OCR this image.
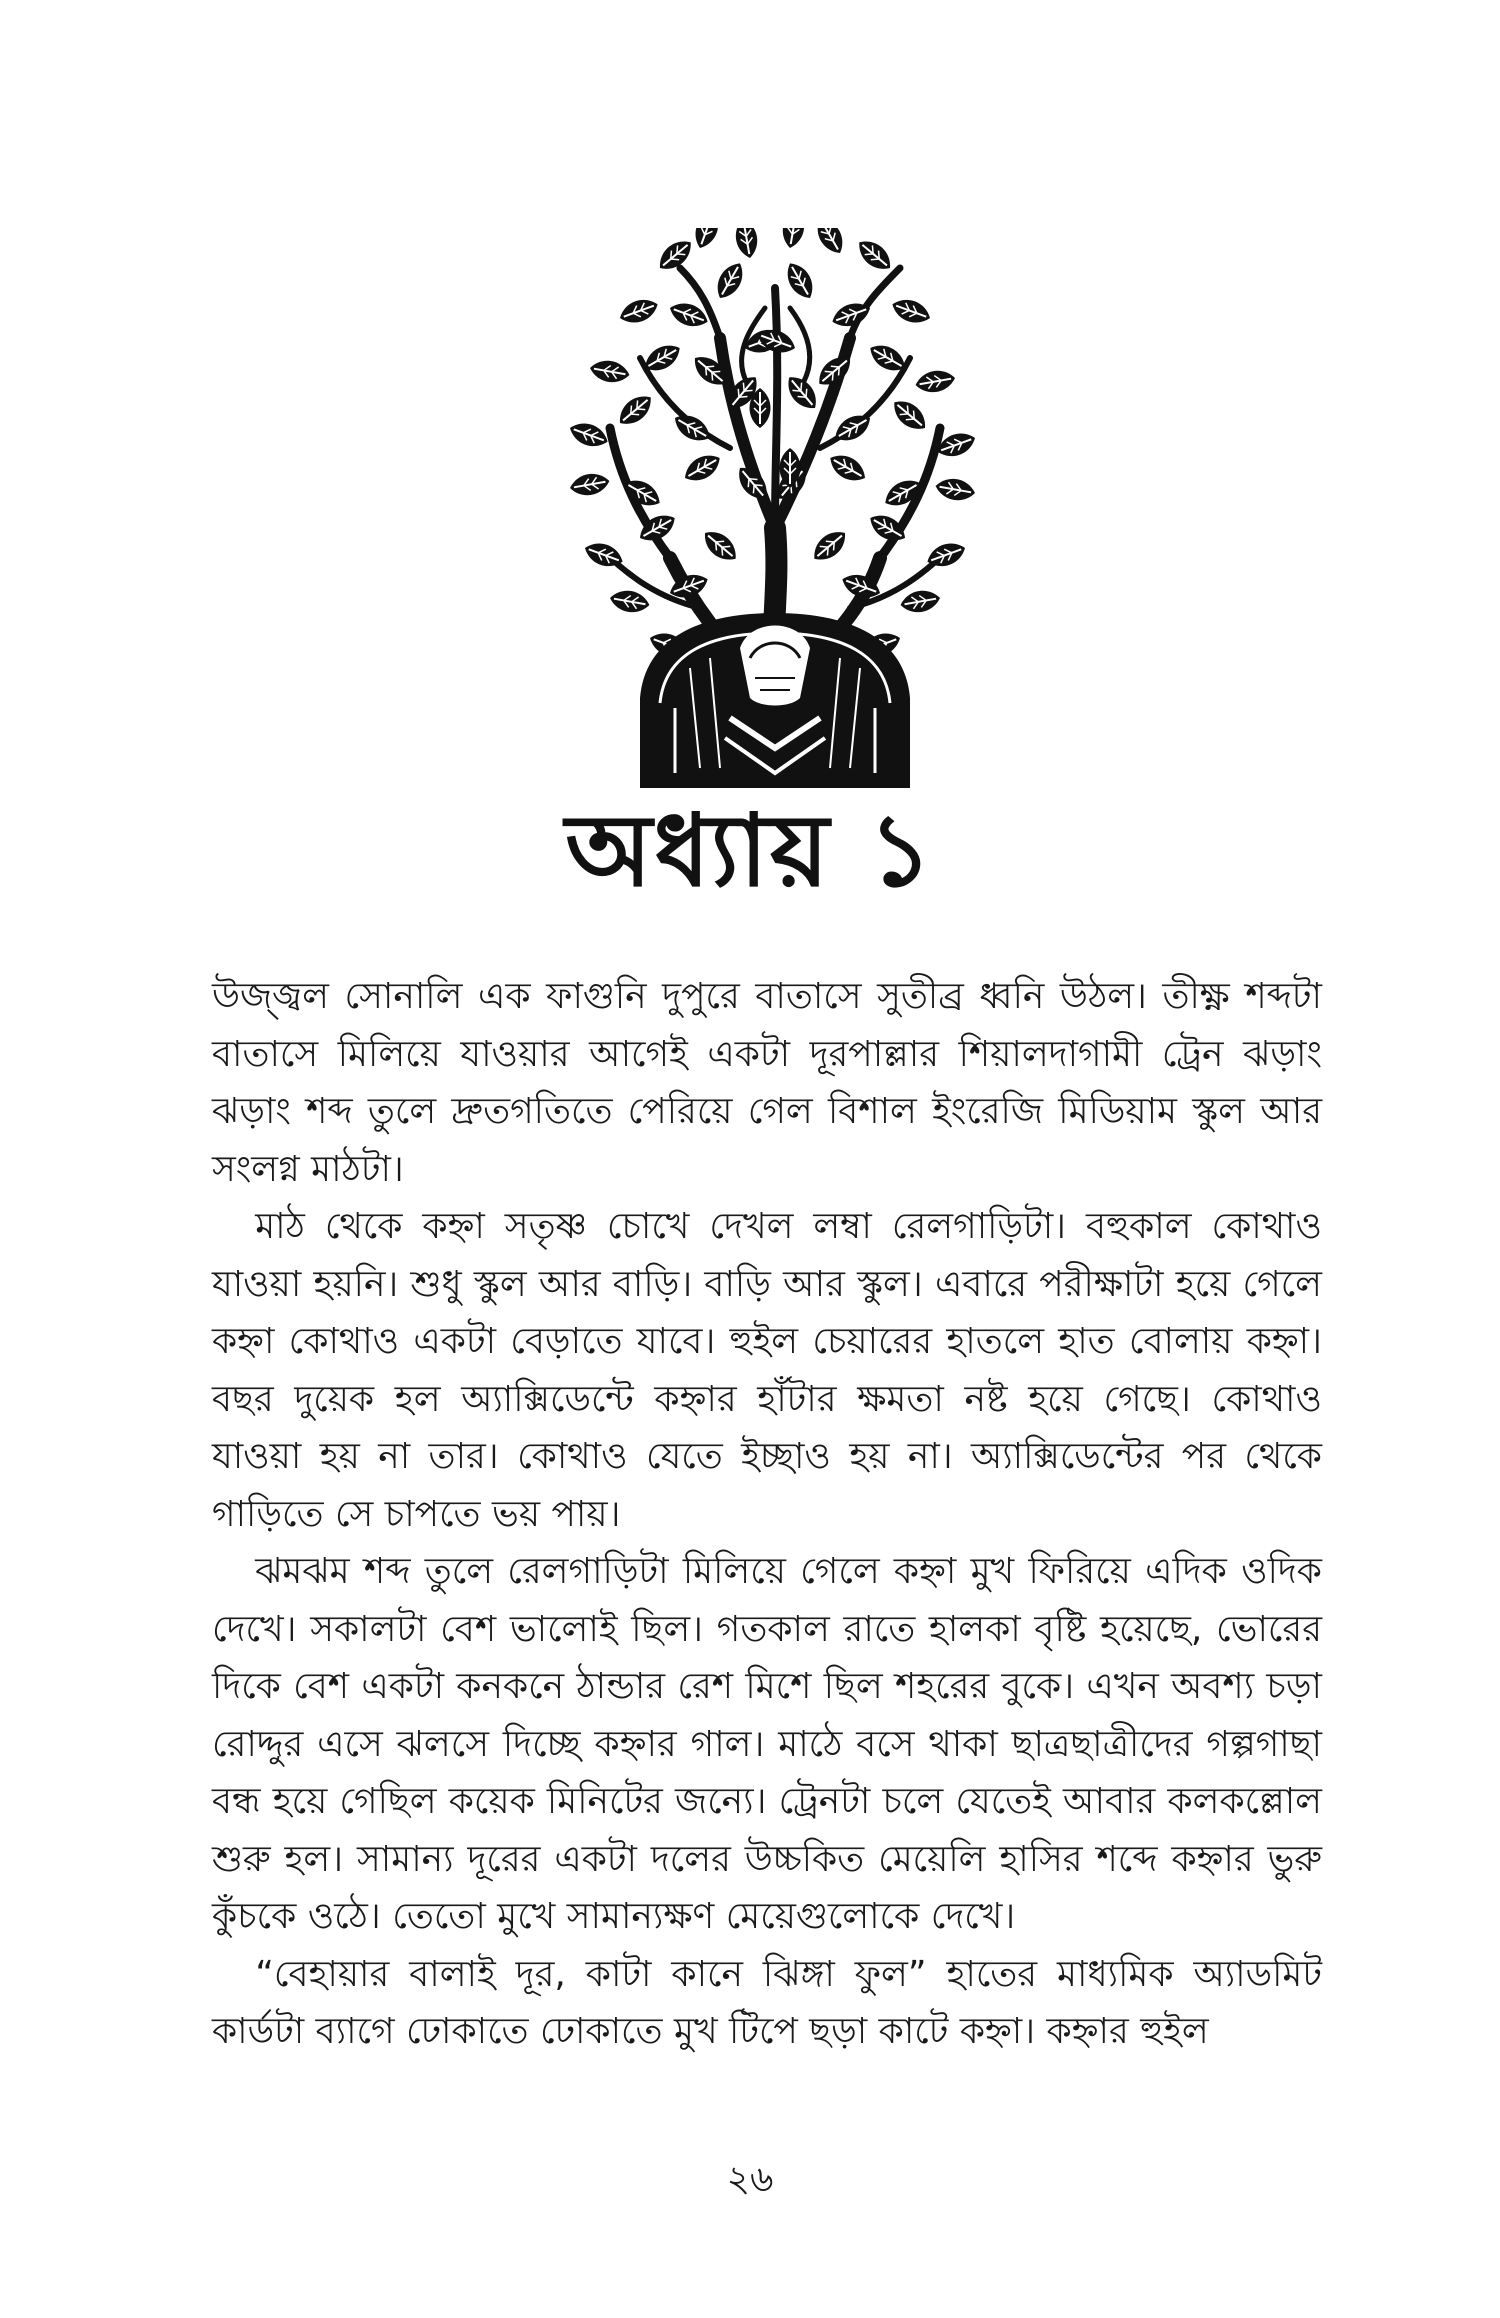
অধ্যায় ১

উজ্জ্বল সোনালি এক ফাগুনি দুপুরে বাতাসে সুতীব্র ধ্বনি উঠল। তীক্ষ্ণ শব্দটা বাতাসে মিলিয়ে যাওয়ার আগেই একটা দূরপাল্লার শিয়ালদাগামী ট্রেন ঝড়াং ঝড়াং শব্দ তুলে দ্রুতগতিতে পেরিয়ে গেল বিশাল ইংরেজি মিডিয়াম স্কুল আর সংলগ্ন মাঠটা।

মাঠ থেকে কহ্না সতৃষ্ণ চোখে দেখল লম্বা রেলগাড়িটা। বহুকাল কোথাও যাওয়া হয়নি। শুধু স্কুল আর বাড়ি। বাড়ি আর স্কুল। এবারে পরীক্ষাটা হয়ে গেলে কহ্না কোথাও একটা বেড়াতে যাবে। হুইল চেয়ারের হাতলে হাত বোলায় কহ্না। বছর দুয়েক হল অ্যাক্সিডেন্টে কহ্নার হাঁটার ক্ষমতা নষ্ট হয়ে গেছে। কোথাও যাওয়া হয় না তার। কোথাও যেতে ইচ্ছাও হয় না। অ্যাক্সিডেন্টের পর থেকে গাড়িতে সে চাপতে ভয় পায়।

ঝমঝম শব্দ তুলে রেলগাড়িটা মিলিয়ে গেলে কহ্না মুখ ফিরিয়ে এদিক ওদিক দেখে। সকালটা বেশ ভালোই ছিল। গতকাল রাতে হালকা বৃষ্টি হয়েছে, ভোরের দিকে বেশ একটা কনকনে ঠান্ডার রেশ মিশে ছিল শহরের বুকে। এখন অবশ্য চড়া রোদ্দুর এসে ঝলসে দিচ্ছে কহ্নার গাল। মাঠে বসে থাকা ছাত্রছাত্রীদের গল্পগাছা বন্ধ হয়ে গেছিল কয়েক মিনিটের জন্যে। ট্রেনটা চলে যেতেই আবার কলকল্লোল শুরু হল। সামান্য দূরের একটা দলের উচ্চকিত মেয়েলি হাসির শব্দে কহ্নার ভুরু কুঁচকে ওঠে। তেতো মুখে সামান্যক্ষণ মেয়েগুলোকে দেখে।

“বেহায়ার বালাই দূর, কাটা কানে ঝিঙ্গা ফুল” হাতের মাধ্যমিক অ্যাডমিট কার্ডটা ব্যাগে ঢোকাতে ঢোকাতে মুখ টিপে ছড়া কাটে কহ্না। কহ্নার হুইল

২৬
